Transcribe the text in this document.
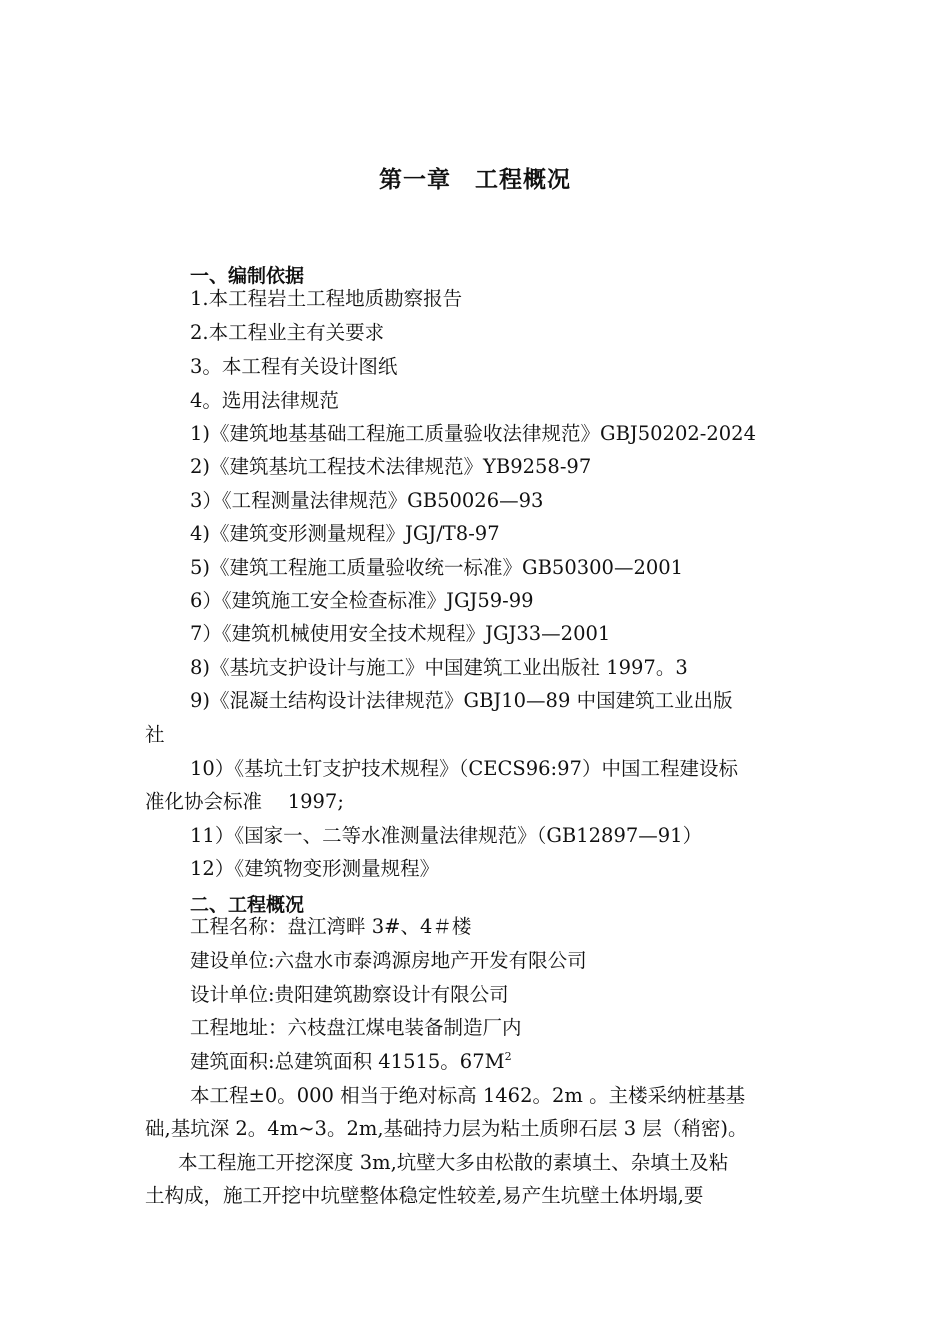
第一章　工程概况
一、编制依据
1.本工程岩土工程地质勘察报告
2.本工程业主有关要求
3。本工程有关设计图纸
4。选用法律规范
1)《建筑地基基础工程施工质量验收法律规范》GBJ50202-2024
2)《建筑基坑工程技术法律规范》YB9258-97
3）《工程测量法律规范》GB50026—93
4)《建筑变形测量规程》JGJ/T8-97
5)《建筑工程施工质量验收统一标准》GB50300—2001
6）《建筑施工安全检查标准》JGJ59-99
7）《建筑机械使用安全技术规程》JGJ33—2001
8)《基坑支护设计与施工》中国建筑工业出版社 1997。3
9)《混凝土结构设计法律规范》GBJ10—89 中国建筑工业出版
社
10）《基坑土钉支护技术规程》（CECS96:97）中国工程建设标
准化协会标准　 1997;
11）《国家一、二等水准测量法律规范》（GB12897—91）
12）《建筑物变形测量规程》
二、工程概况
工程名称：盘江湾畔 3#、4＃楼
建设单位:六盘水市泰鸿源房地产开发有限公司
设计单位:贵阳建筑勘察设计有限公司
工程地址：六枝盘江煤电装备制造厂内
建筑面积:总建筑面积 41515。$67M^2$
本工程±0。000 相当于绝对标高 1462。2m 。主楼采纳桩基基
础,基坑深 2。4m~3。2m,基础持力层为粘土质卵石层 3 层（稍密)。
本工程施工开挖深度 3m,坑壁大多由松散的素填土、杂填土及粘
土构成，施工开挖中坑壁整体稳定性较差,易产生坑壁土体坍塌,要
